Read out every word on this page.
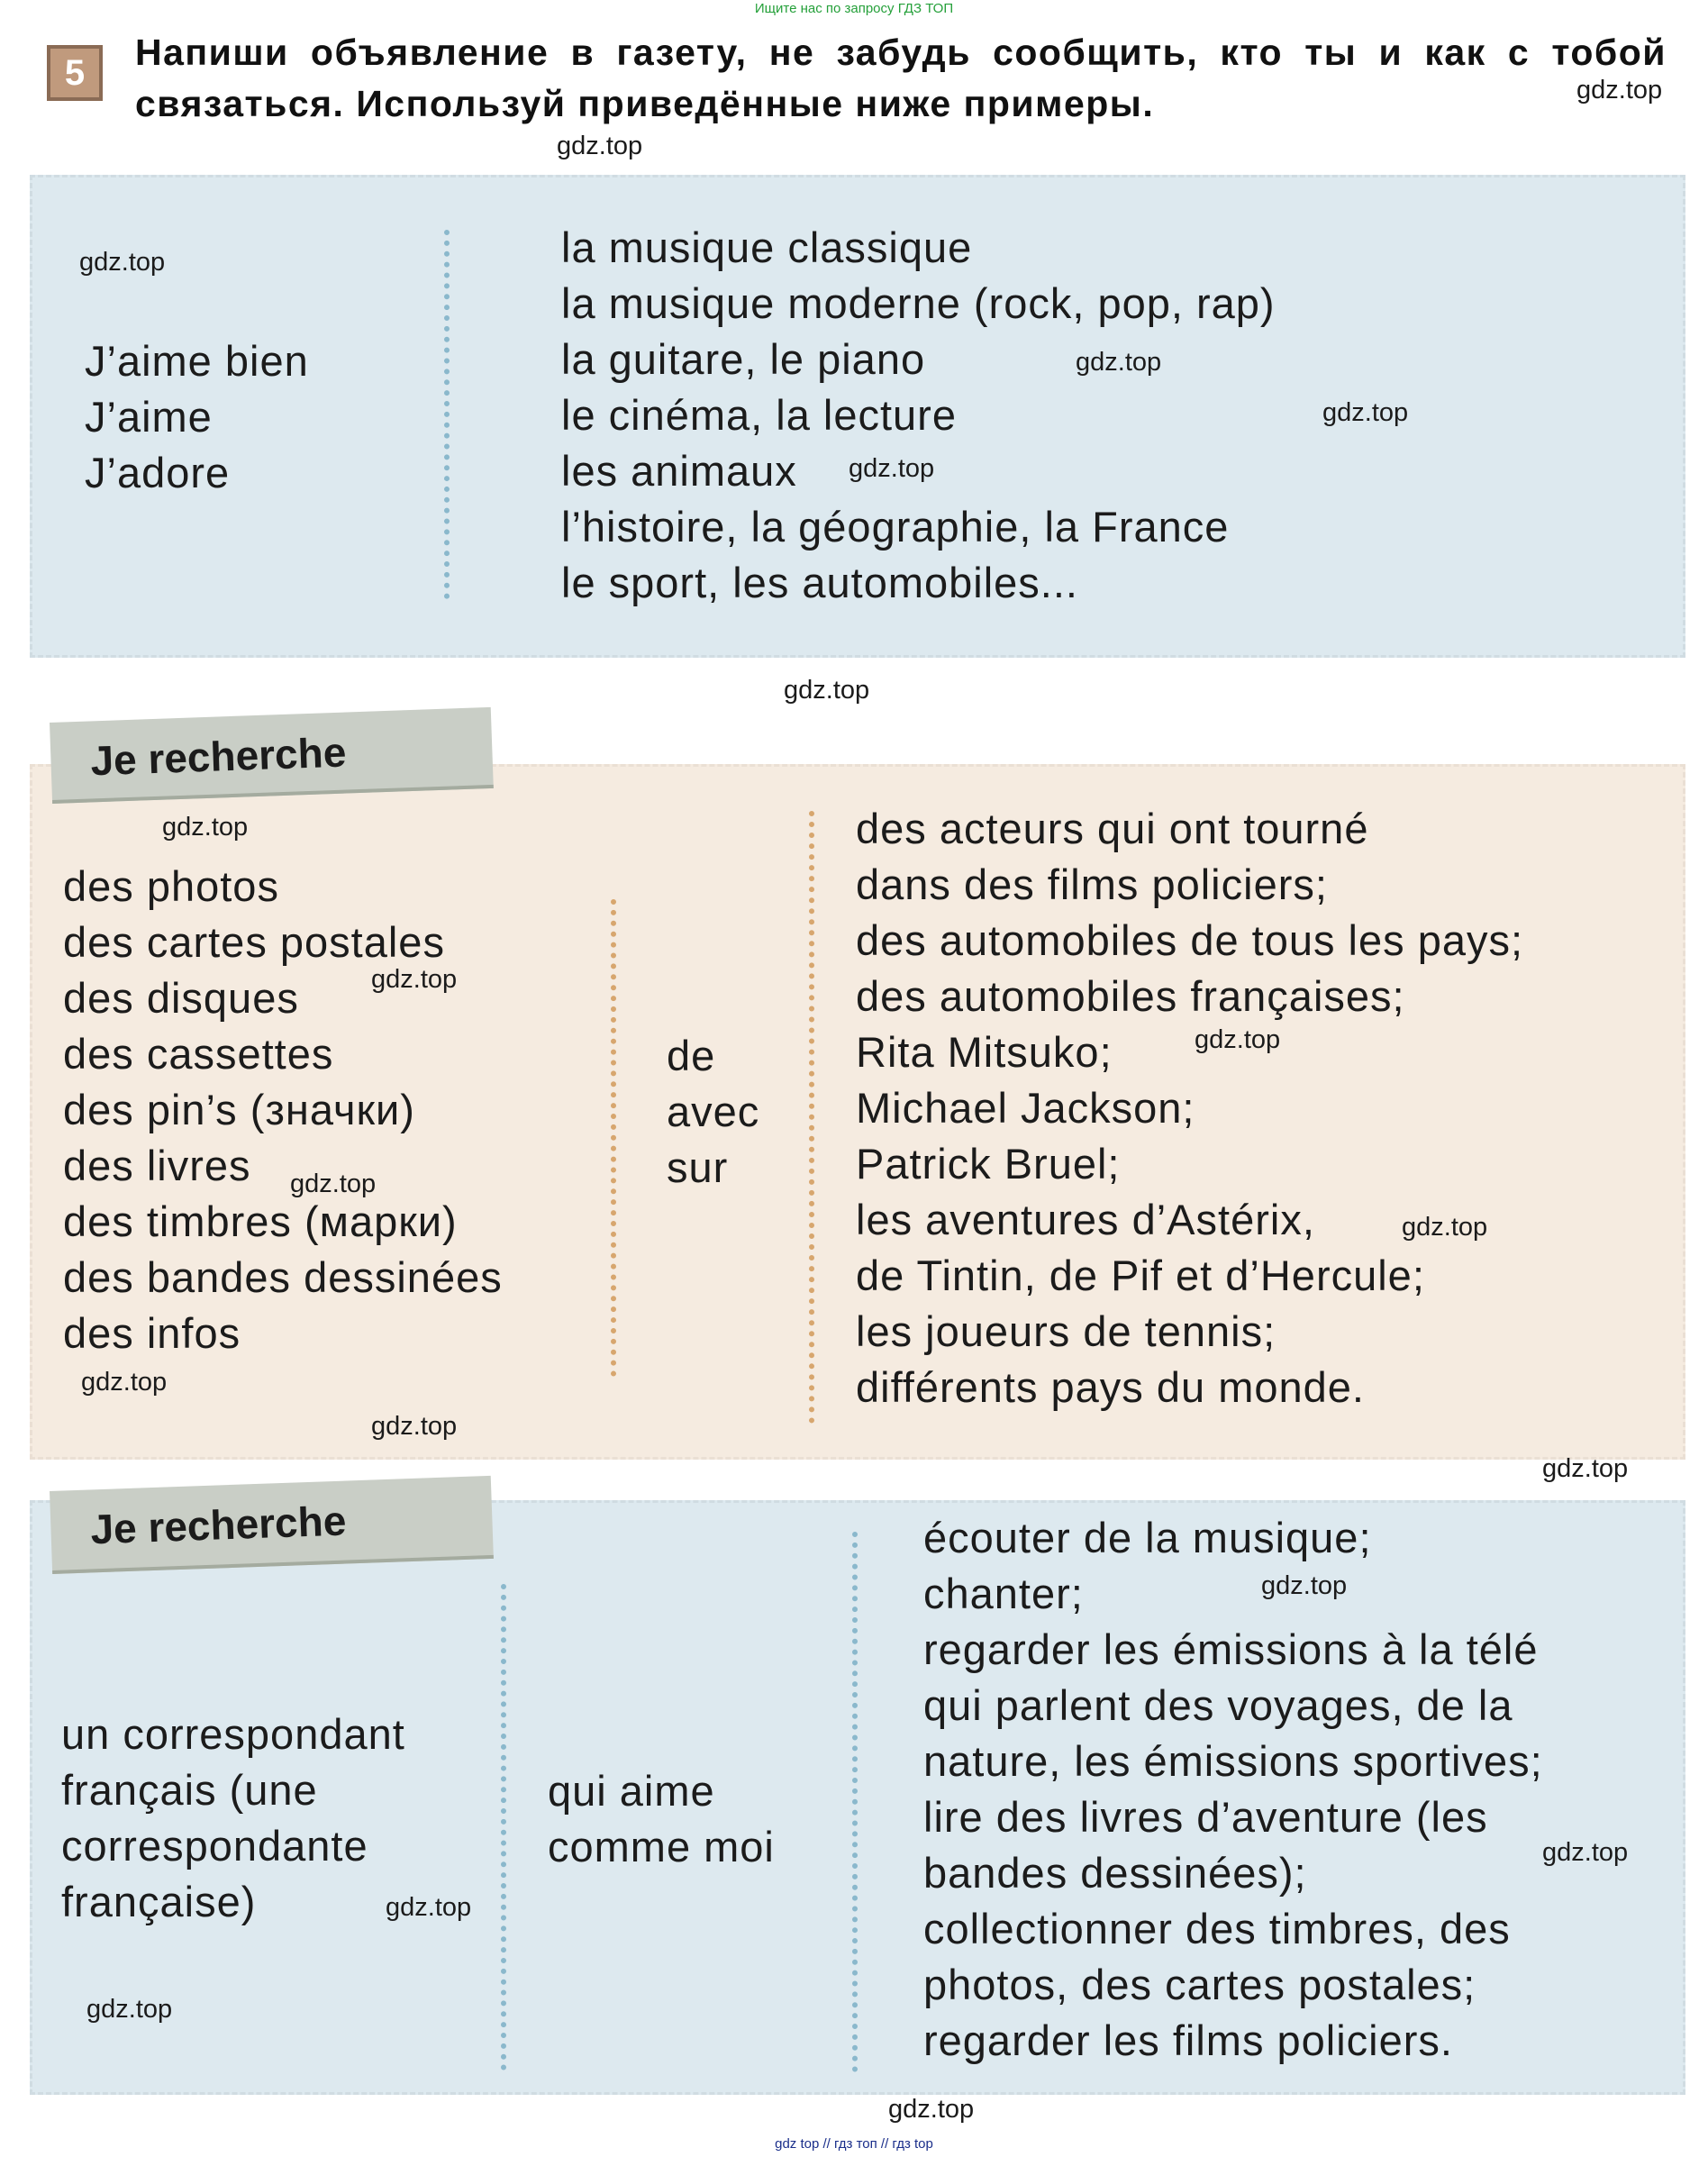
Ищите нас по запросу ГДЗ ТОП
gdz top // гдз топ // гдз top
5	Напиши объявление в газету, не забудь сообщить, кто ты и как с тобой связаться. Используй приведённые ниже примеры.
J’aime bien
J’aime
J’adore
la musique classique
la musique moderne (rock, pop, rap)
la guitare, le piano
le cinéma, la lecture
les animaux
l’histoire, la géographie, la France
le sport, les automobiles...
Je recherche
des photos
des cartes postales
des disques
des cassettes
des pin’s (значки)
des livres
des timbres (марки)
des bandes dessinées
des infos
de
avec
sur
des acteurs qui ont tourné
dans des films policiers;
des automobiles de tous les pays;
des automobiles françaises;
Rita Mitsuko;
Michael Jackson;
Patrick Bruel;
les aventures d’Astérix,
de Tintin, de Pif et d’Hercule;
les joueurs de tennis;
différents pays du monde.
Je recherche
un correspondant
français (une
correspondante
française)
qui aime
comme moi
écouter de la musique;
chanter;
regarder les émissions à la télé
qui parlent des voyages, de la
nature, les émissions sportives;
lire des livres d’aventure (les
bandes dessinées);
collectionner des timbres, des
photos, des cartes postales;
regarder les films policiers.
gdz.top
gdz.top
gdz.top
gdz.top
gdz.top
gdz.top
gdz.top
gdz.top
gdz.top
gdz.top
gdz.top
gdz.top
gdz.top
gdz.top
gdz.top
gdz.top
gdz.top
gdz.top
gdz.top
gdz.top
